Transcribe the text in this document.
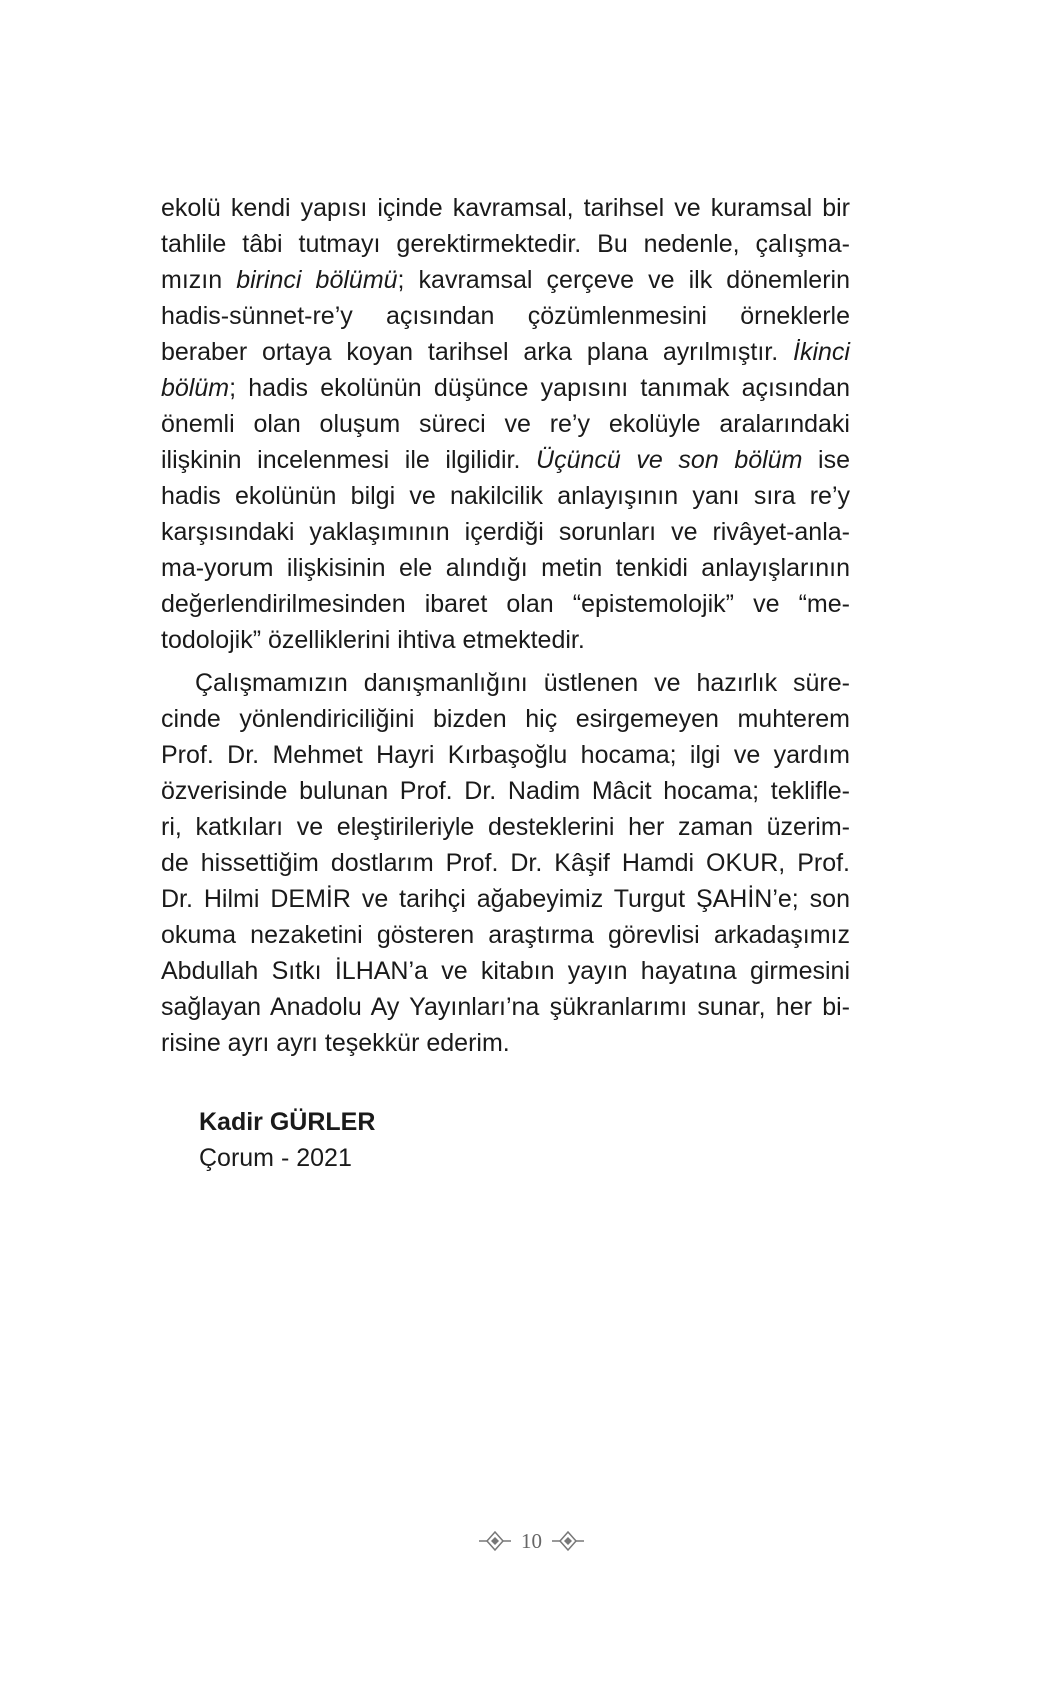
ekolü kendi yapısı içinde kavramsal, tarihsel ve kuramsal bir
tahlile tâbi tutmayı gerektirmektedir. Bu nedenle, çalışma-
mızın birinci bölümü; kavramsal çerçeve ve ilk dönemlerin
hadis-sünnet-re’y açısından çözümlenmesini örneklerle
beraber ortaya koyan tarihsel arka plana ayrılmıştır. İkinci
bölüm; hadis ekolünün düşünce yapısını tanımak açısından
önemli olan oluşum süreci ve re’y ekolüyle aralarındaki
ilişkinin incelenmesi ile ilgilidir. Üçüncü ve son bölüm ise
hadis ekolünün bilgi ve nakilcilik anlayışının yanı sıra re’y
karşısındaki yaklaşımının içerdiği sorunları ve rivâyet-anla-
ma-yorum ilişkisinin ele alındığı metin tenkidi anlayışlarının
değerlendirilmesinden ibaret olan “epistemolojik” ve “me-
todolojik” özelliklerini ihtiva etmektedir.
Çalışmamızın danışmanlığını üstlenen ve hazırlık süre-
cinde yönlendiriciliğini bizden hiç esirgemeyen muhterem
Prof. Dr. Mehmet Hayri Kırbaşoğlu hocama; ilgi ve yardım
özverisinde bulunan Prof. Dr. Nadim Mâcit hocama; teklifle-
ri, katkıları ve eleştirileriyle desteklerini her zaman üzerim-
de hissettiğim dostlarım Prof. Dr. Kâşif Hamdi OKUR, Prof.
Dr. Hilmi DEMİR ve tarihçi ağabeyimiz Turgut ŞAHİN’e; son
okuma nezaketini gösteren araştırma görevlisi arkadaşımız
Abdullah Sıtkı İLHAN’a ve kitabın yayın hayatına girmesini
sağlayan Anadolu Ay Yayınları’na şükranlarımı sunar, her bi-
risine ayrı ayrı teşekkür ederim.
Kadir GÜRLER
Çorum - 2021
10
